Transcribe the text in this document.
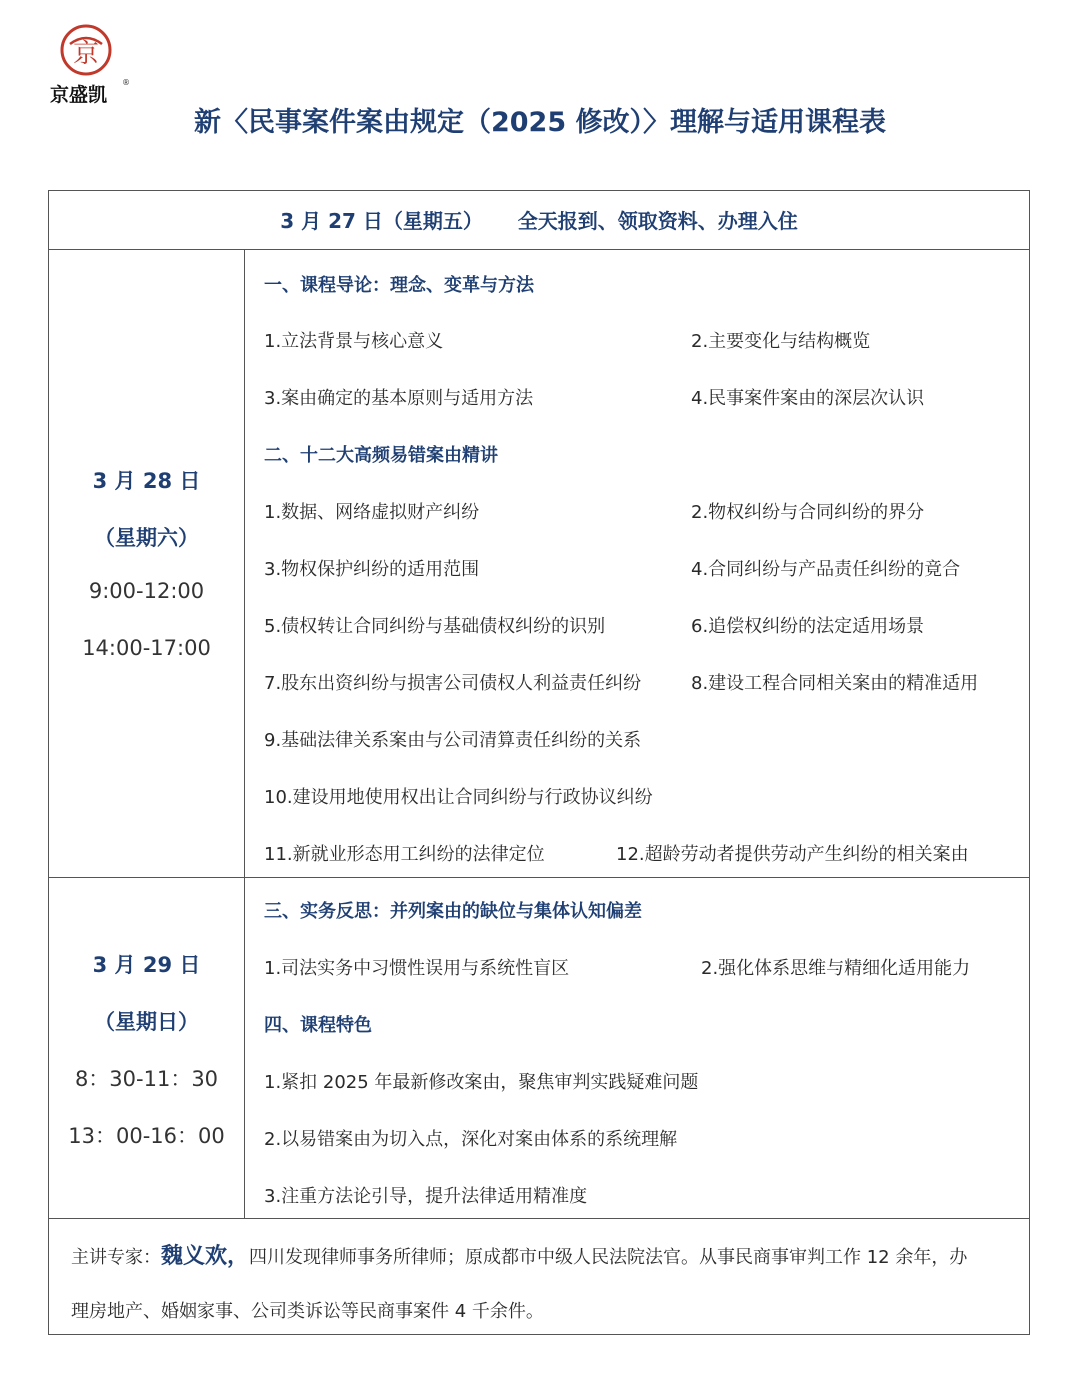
京
京盛凯
®
新〈民事案件案由规定（2025 修改）〉理解与适用课程表
3 月 27 日（星期五）     全天报到、领取资料、办理入住
3 月 28 日
（星期六）
9:00-12:00
14:00-17:00
一、课程导论：理念、变革与方法
1.立法背景与核心意义	2.主要变化与结构概览
3.案由确定的基本原则与适用方法	4.民事案件案由的深层次认识
二、十二大高频易错案由精讲
1.数据、网络虚拟财产纠纷	2.物权纠纷与合同纠纷的界分
3.物权保护纠纷的适用范围	4.合同纠纷与产品责任纠纷的竟合
5.债权转让合同纠纷与基础债权纠纷的识别	6.追偿权纠纷的法定适用场景
7.股东出资纠纷与损害公司债权人利益责任纠纷	8.建设工程合同相关案由的精准适用
9.基础法律关系案由与公司清算责任纠纷的关系
10.建设用地使用权出让合同纠纷与行政协议纠纷
11.新就业形态用工纠纷的法律定位	12.超龄劳动者提供劳动产生纠纷的相关案由
3 月 29 日
（星期日）
8：30-11：30
13：00-16：00
三、实务反思：并列案由的缺位与集体认知偏差
1.司法实务中习惯性误用与系统性盲区	2.强化体系思维与精细化适用能力
四、课程特色
1.紧扣 2025 年最新修改案由，聚焦审判实践疑难问题
2.以易错案由为切入点，深化对案由体系的系统理解
3.注重方法论引导，提升法律适用精准度
主讲专家：魏义欢，四川发现律师事务所律师；原成都市中级人民法院法官。从事民商事审判工作 12 余年，办
理房地产、婚姻家事、公司类诉讼等民商事案件 4 千余件。
